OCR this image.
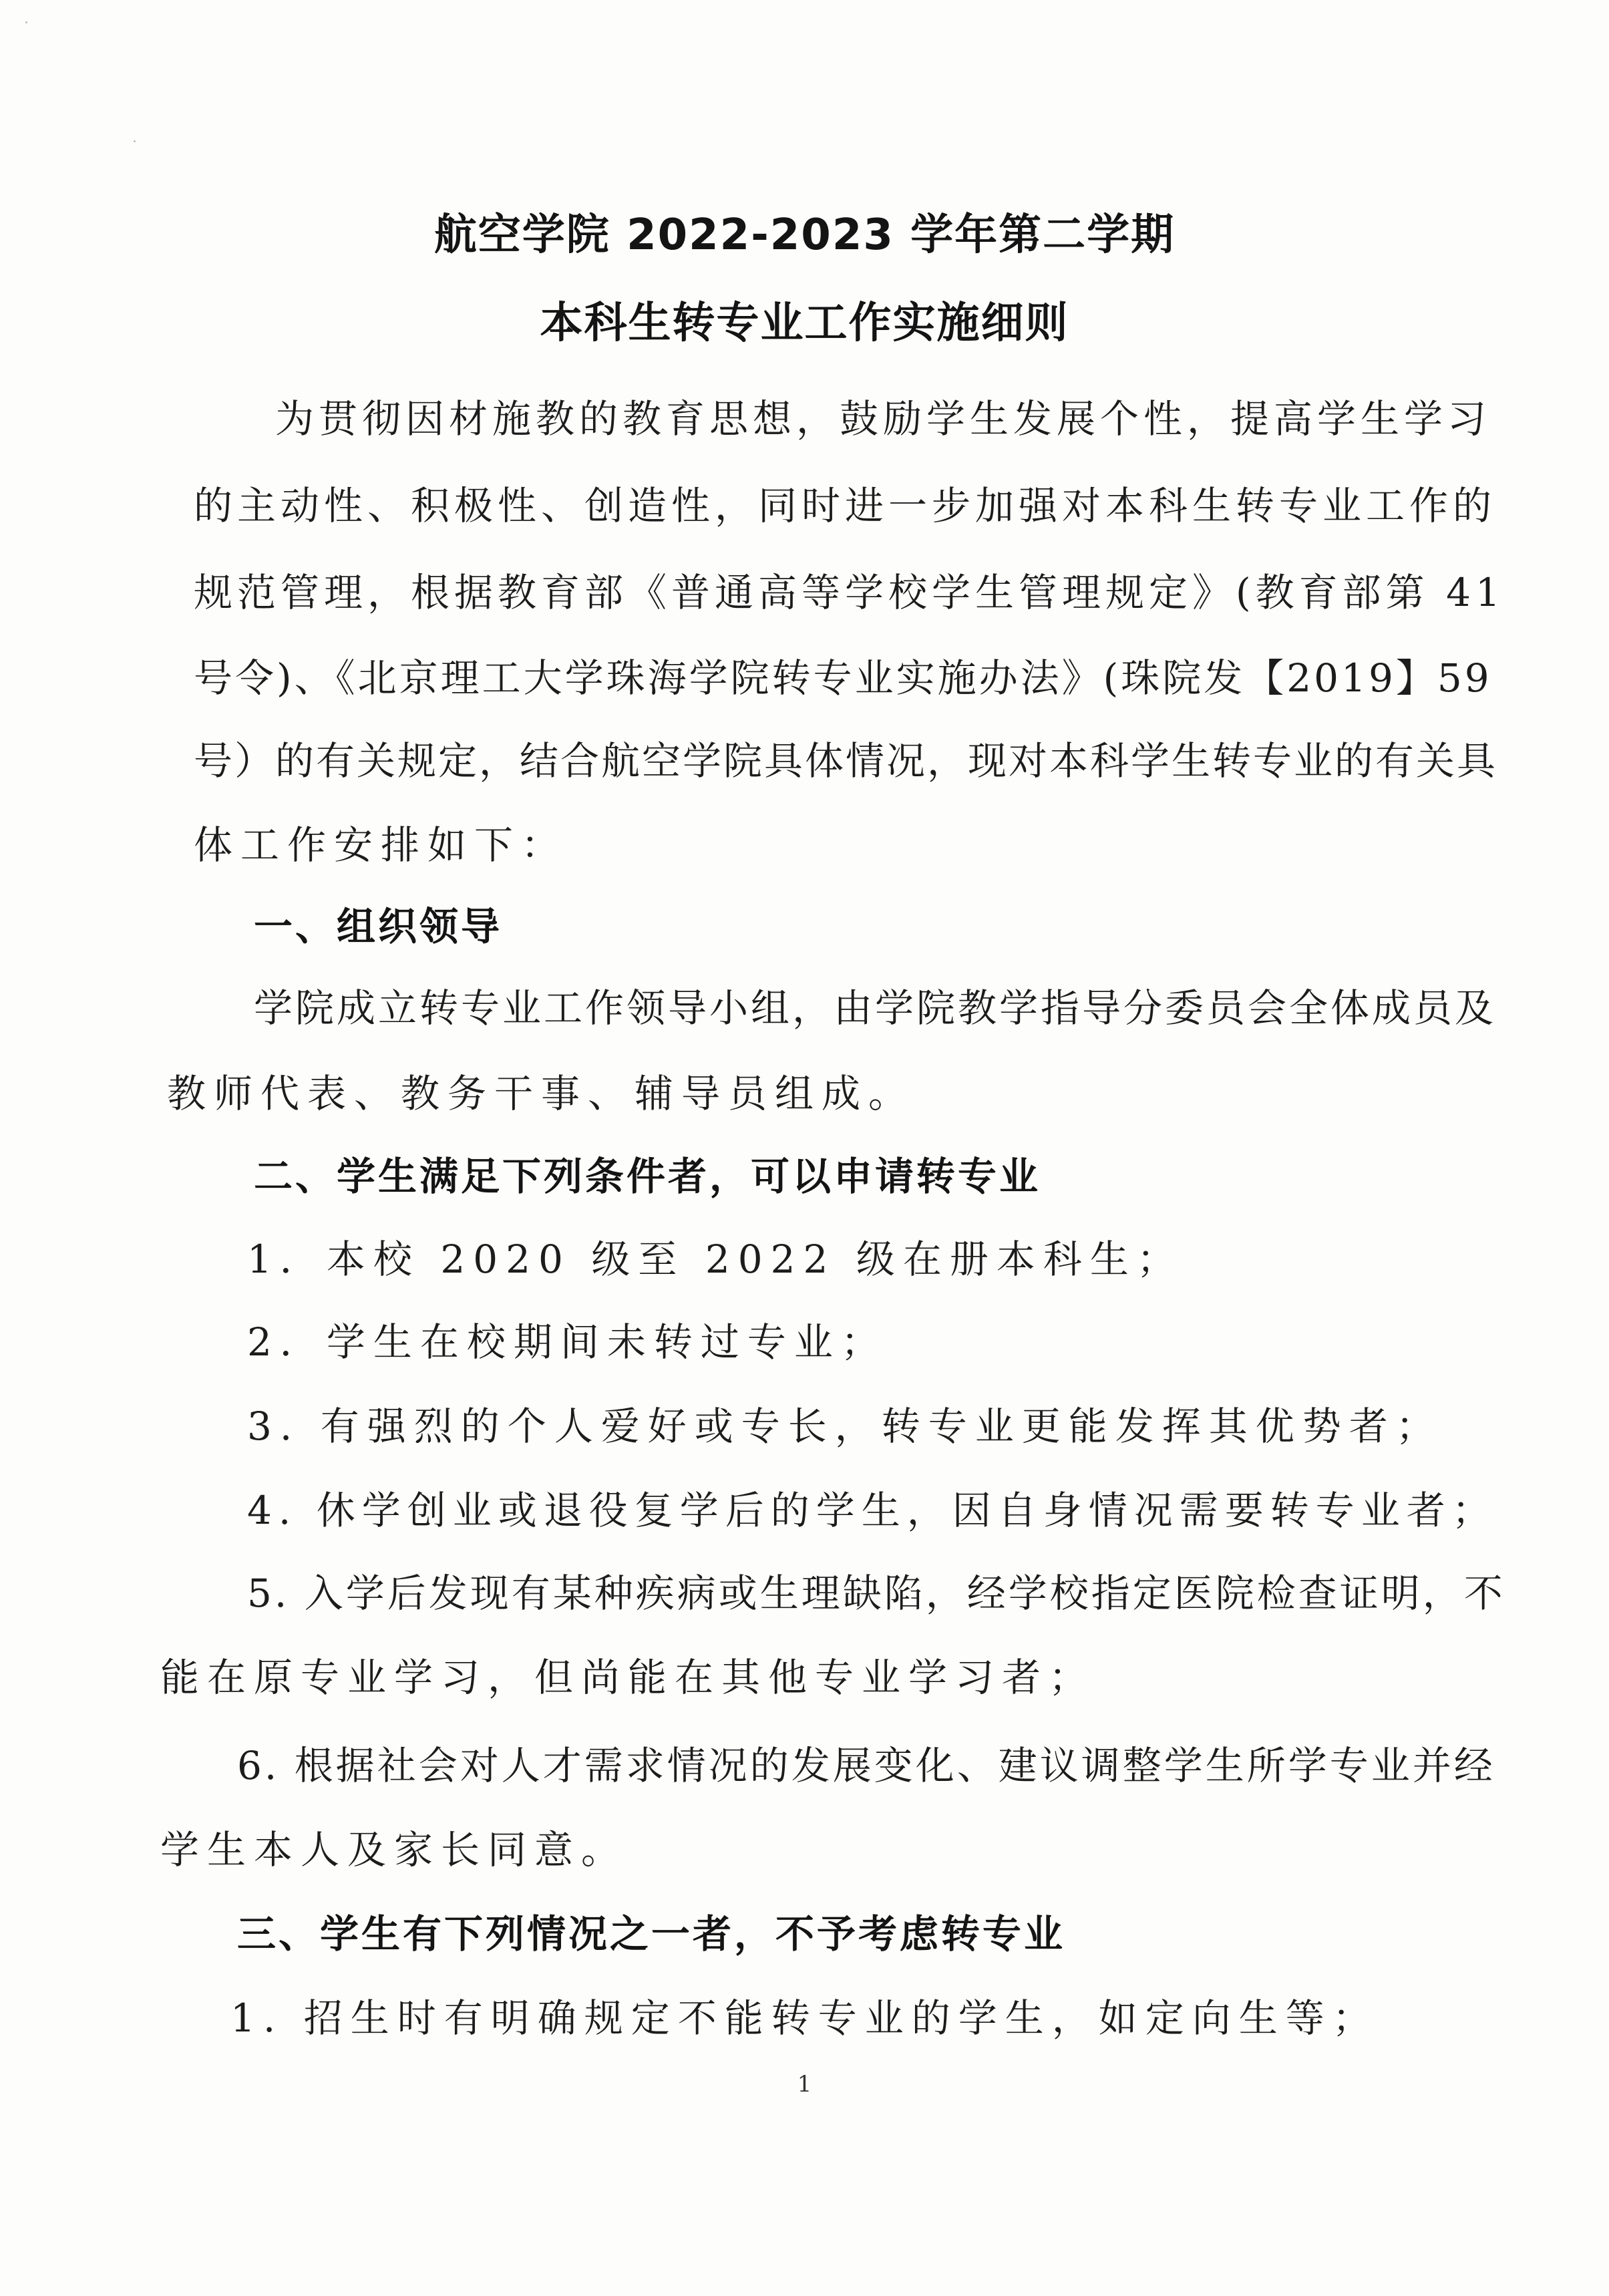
航空学院 2022-2023 学年第二学期
本科生转专业工作实施细则
为贯彻因材施教的教育思想，鼓励学生发展个性，提高学生学习
的主动性、积极性、创造性，同时进一步加强对本科生转专业工作的
规范管理，根据教育部《普通高等学校学生管理规定》(教育部第 41
号令)、《北京理工大学珠海学院转专业实施办法》(珠院发【2019】59
号）的有关规定，结合航空学院具体情况，现对本科学生转专业的有关具
体工作安排如下：
一、组织领导
学院成立转专业工作领导小组，由学院教学指导分委员会全体成员及
教师代表、教务干事、辅导员组成。
二、学生满足下列条件者，可以申请转专业
1．本校 2020 级至 2022 级在册本科生；
2．学生在校期间未转过专业；
3. 有强烈的个人爱好或专长，转专业更能发挥其优势者；
4. 休学创业或退役复学后的学生，因自身情况需要转专业者；
5. 入学后发现有某种疾病或生理缺陷，经学校指定医院检查证明，不
能在原专业学习，但尚能在其他专业学习者；
6. 根据社会对人才需求情况的发展变化、建议调整学生所学专业并经
学生本人及家长同意。
三、学生有下列情况之一者，不予考虑转专业
1. 招生时有明确规定不能转专业的学生，如定向生等；
1
